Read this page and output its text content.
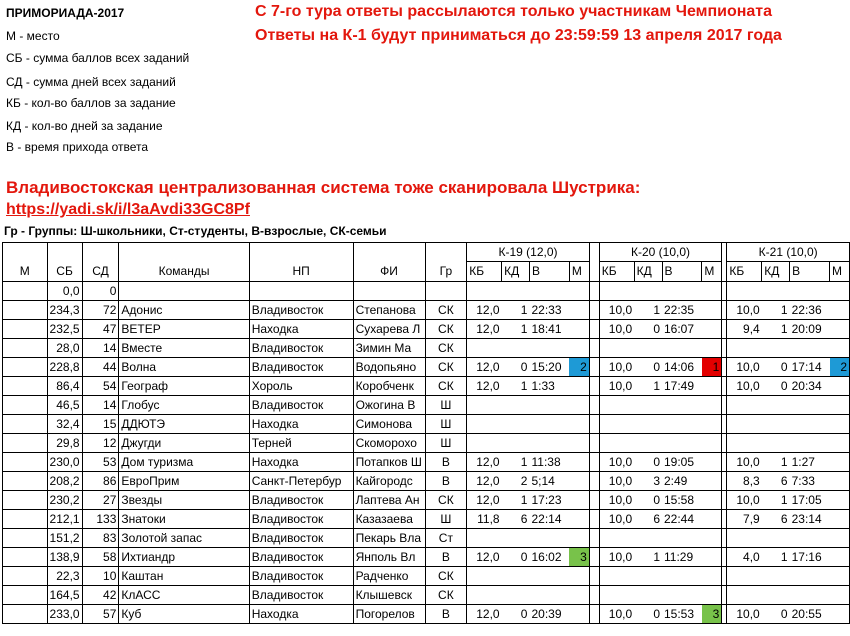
ПРИМОРИАДА-2017
М - место
СБ - сумма баллов всех заданий
СД - сумма дней всех заданий
КБ - кол-во баллов за задание
КД - кол-во дней за задание
В - время прихода ответа
С 7-го тура ответы рассылаются только участникам Чемпионата
Ответы на К-1 будут приниматься до 23:59:59 13 апреля 2017 года
Владивостокская централизованная система тоже сканировала Шустрика:
https://yadi.sk/i/l3aAvdi33GC8Pf
Гр - Группы: Ш-школьники, Ст-студенты, В-взрослые, СК-семьи
							К-19 (12,0)					К-20 (10,0)					К-21 (10,0)			
М	СБ	СД	Команды	НП	ФИ	Гр	КБ	КД	В	М		КБ	КД	В	М		КБ	КД	В	М
	0,0	0																		
	234,3	72	Адонис	Владивосток	Степанова	СК	12,0	1	22:33			10,0	1	22:35			10,0	1	22:36	
	232,5	47	ВЕТЕР	Находка	Сухарева Л	СК	12,0	1	18:41			10,0	0	16:07			9,4	1	20:09	
	28,0	14	Вместе	Владивосток	Зимин Ма	СК														
	228,8	44	Волна	Владивосток	Водопьяно	СК	12,0	0	15:20	2		10,0	0	14:06	1		10,0	0	17:14	2
	86,4	54	Географ	Хороль	Коробченк	СК	12,0	1	1:33			10,0	1	17:49			10,0	0	20:34	
	46,5	14	Глобус	Владивосток	Ожогина В	Ш														
	32,4	15	ДДЮТЭ	Находка	Симонова	Ш														
	29,8	12	Джугди	Терней	Скоморохо	Ш														
	230,0	53	Дом туризма	Находка	Потапков Ш	В	12,0	1	11:38			10,0	0	19:05			10,0	1	1:27	
	208,2	86	ЕвроПрим	Санкт-Петербур	Кайгородс	В	12,0	2	5;14			10,0	3	2:49			8,3	6	7:33	
	230,2	27	Звезды	Владивосток	Лаптева Ан	СК	12,0	1	17:23			10,0	0	15:58			10,0	1	17:05	
	212,1	133	Знатоки	Владивосток	Казазаева	Ш	11,8	6	22:14			10,0	6	22:44			7,9	6	23:14	
	151,2	83	Золотой запас	Владивосток	Пекарь Вла	Ст														
	138,9	58	Ихтиандр	Владивосток	Янполь Вл	В	12,0	0	16:02	3		10,0	1	11:29			4,0	1	17:16	
	22,3	10	Каштан	Владивосток	Радченко	СК														
	164,5	42	КлАСС	Владивосток	Клышевск	СК														
	233,0	57	Куб	Находка	Погорелов	В	12,0	0	20:39			10,0	0	15:53	3		10,0	0	20:55	
